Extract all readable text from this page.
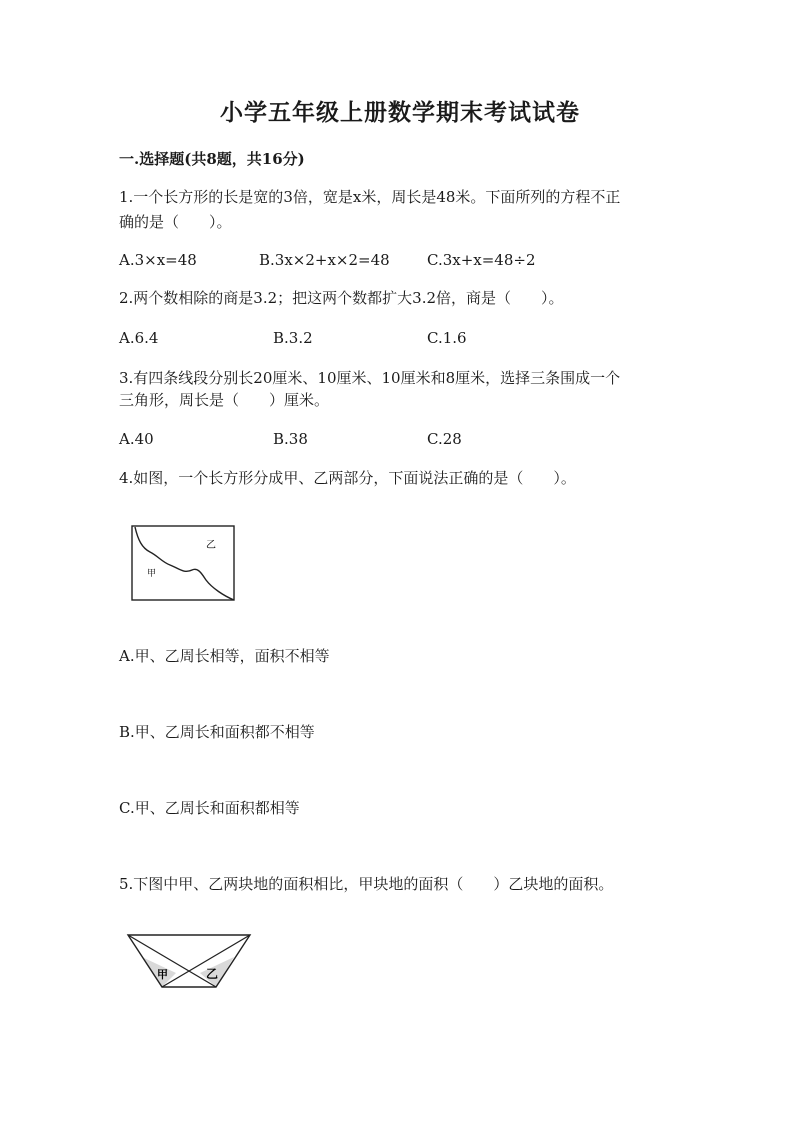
小学五年级上册数学期末考试试卷
一.选择题(共8题，共16分)
1.一个长方形的长是宽的3倍，宽是x米，周长是48米。下面所列的方程不正
确的是（　　）。
A.3×x=48	B.3x×2+x×2=48 C.3x+x=48÷2
2.两个数相除的商是3.2；把这两个数都扩大3.2倍，商是（　　）。
A.6.4	B.3.2	C.1.6
3.有四条线段分别长20厘米、10厘米、10厘米和8厘米，选择三条围成一个
三角形，周长是（　　）厘米。
A.40	B.38	C.28
4.如图，一个长方形分成甲、乙两部分，下面说法正确的是（　　）。
甲
乙
A.甲、乙周长相等，面积不相等
B.甲、乙周长和面积都不相等
C.甲、乙周长和面积都相等
5.下图中甲、乙两块地的面积相比，甲块地的面积（　　）乙块地的面积。
甲	乙
